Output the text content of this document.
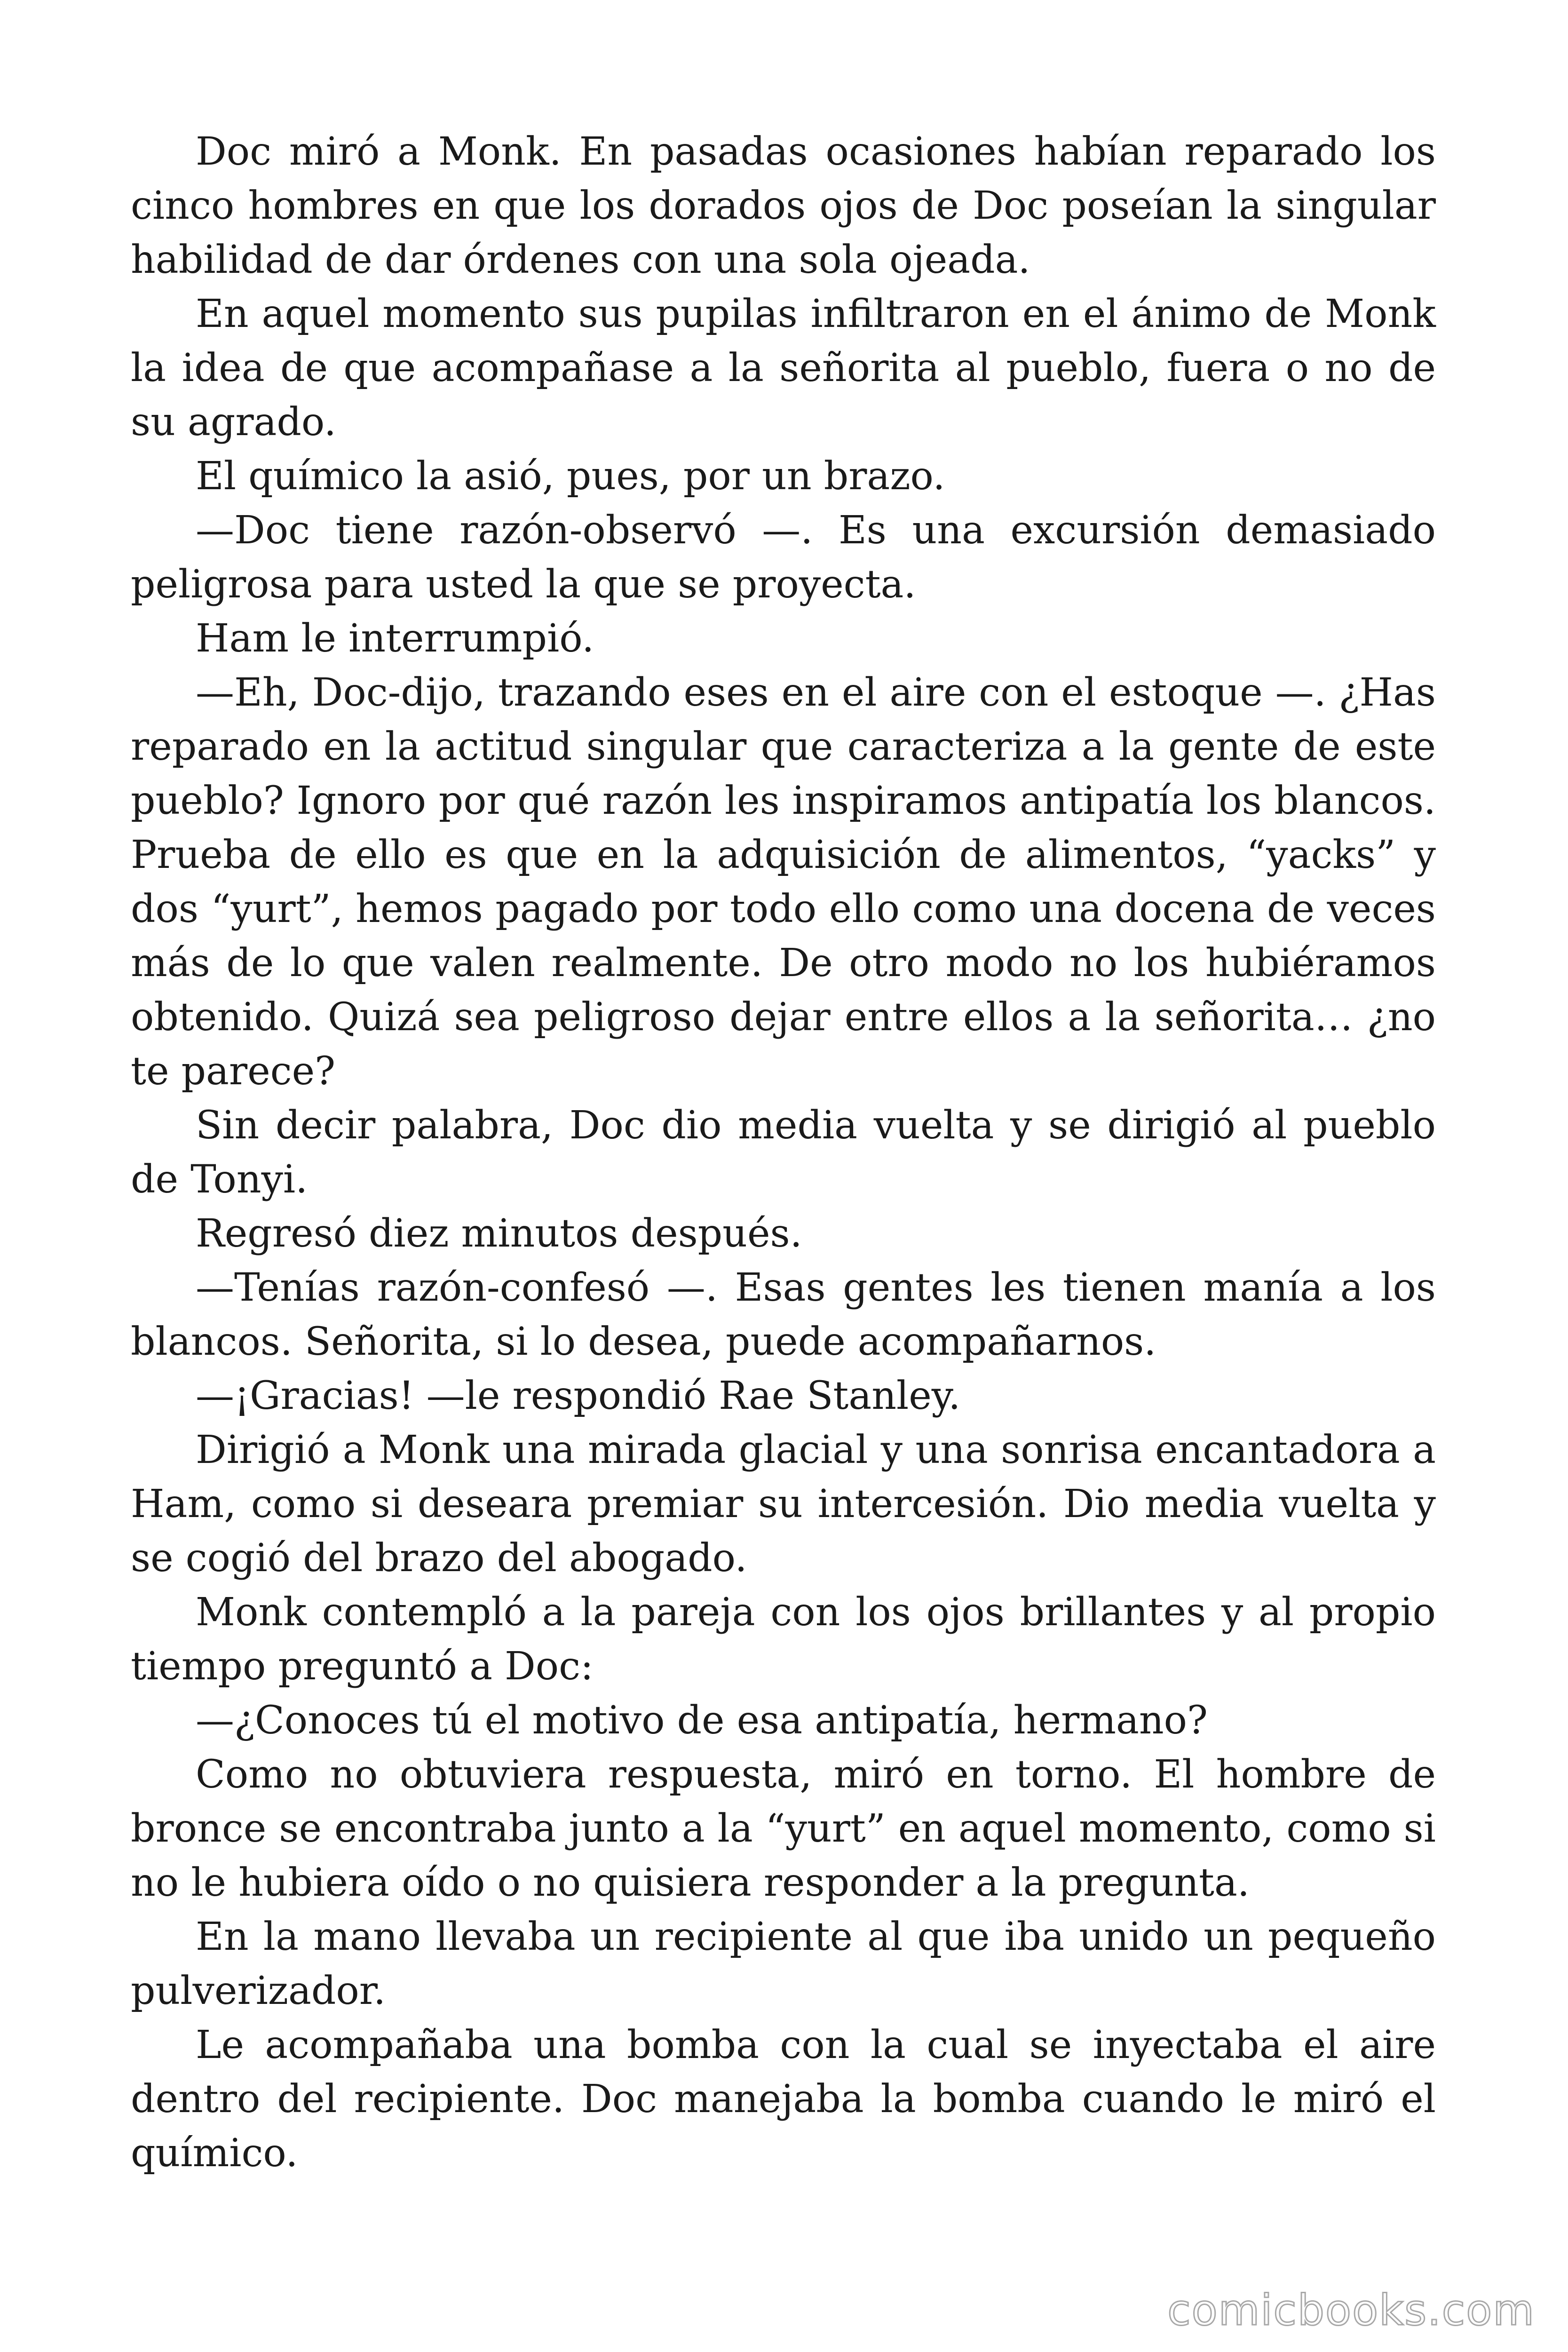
Doc miró a Monk. En pasadas ocasiones habían reparado los cinco hombres en que los dorados ojos de Doc poseían la singular habilidad de dar órdenes con una sola ojeada.

En aquel momento sus pupilas infiltraron en el ánimo de Monk la idea de que acompañase a la señorita al pueblo, fuera o no de su agrado.

El químico la asió, pues, por un brazo.

—Doc tiene razón-observó —. Es una excursión demasiado peligrosa para usted la que se proyecta.

Ham le interrumpió.

—Eh, Doc-dijo, trazando eses en el aire con el estoque —. ¿Has reparado en la actitud singular que caracteriza a la gente de este pueblo? Ignoro por qué razón les inspiramos antipatía los blancos. Prueba de ello es que en la adquisición de alimentos, “yacks” y dos “yurt”, hemos pagado por todo ello como una docena de veces más de lo que valen realmente. De otro modo no los hubiéramos obtenido. Quizá sea peligroso dejar entre ellos a la señorita… ¿no te parece?

Sin decir palabra, Doc dio media vuelta y se dirigió al pueblo de Tonyi.

Regresó diez minutos después.

—Tenías razón-confesó —. Esas gentes les tienen manía a los blancos. Señorita, si lo desea, puede acompañarnos.

—¡Gracias! —le respondió Rae Stanley.

Dirigió a Monk una mirada glacial y una sonrisa encantadora a Ham, como si deseara premiar su intercesión. Dio media vuelta y se cogió del brazo del abogado.

Monk contempló a la pareja con los ojos brillantes y al propio tiempo preguntó a Doc:

—¿Conoces tú el motivo de esa antipatía, hermano?

Como no obtuviera respuesta, miró en torno. El hombre de bronce se encontraba junto a la “yurt” en aquel momento, como si no le hubiera oído o no quisiera responder a la pregunta.

En la mano llevaba un recipiente al que iba unido un pequeño pulverizador.

Le acompañaba una bomba con la cual se inyectaba el aire dentro del recipiente. Doc manejaba la bomba cuando le miró el químico.

comicbooks.com
